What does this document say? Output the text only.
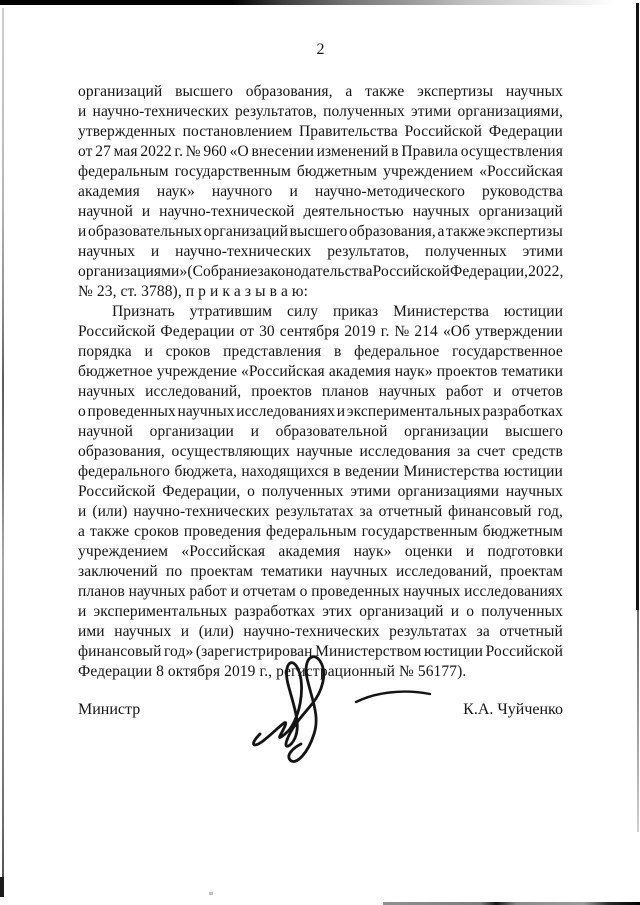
2
организаций высшего образования, а также экспертизы научных
и научно-технических результатов, полученных этими организациями,
утвержденных постановлением Правительства Российской Федерации
от 27 мая 2022 г. № 960 «О внесении изменений в Правила осуществления
федеральным государственным бюджетным учреждением «Российская
академия наук» научного и научно-методического руководства
научной и научно-технической деятельностью научных организаций
и образовательных организаций высшего образования, а также экспертизы
научных и научно-технических результатов, полученных этими
организациями» (Собрание законодательства Российской Федерации, 2022,
№ 23, ст. 3788), п р и к а з ы в а ю:
Признать утратившим силу приказ Министерства юстиции
Российской Федерации от 30 сентября 2019 г. № 214 «Об утверждении
порядка и сроков представления в федеральное государственное
бюджетное учреждение «Российская академия наук» проектов тематики
научных исследований, проектов планов научных работ и отчетов
о проведенных научных исследованиях и экспериментальных разработках
научной организации и образовательной организации высшего
образования, осуществляющих научные исследования за счет средств
федерального бюджета, находящихся в ведении Министерства юстиции
Российской Федерации, о полученных этими организациями научных
и (или) научно-технических результатах за отчетный финансовый год,
а также сроков проведения федеральным государственным бюджетным
учреждением «Российская академия наук» оценки и подготовки
заключений по проектам тематики научных исследований, проектам
планов научных работ и отчетам о проведенных научных исследованиях
и экспериментальных разработках этих организаций и о полученных
ими научных и (или) научно-технических результатах за отчетный
финансовый год» (зарегистрирован Министерством юстиции Российской
Федерации 8 октября 2019 г., регистрационный № 56177).
Министр	К.А. Чуйченко
